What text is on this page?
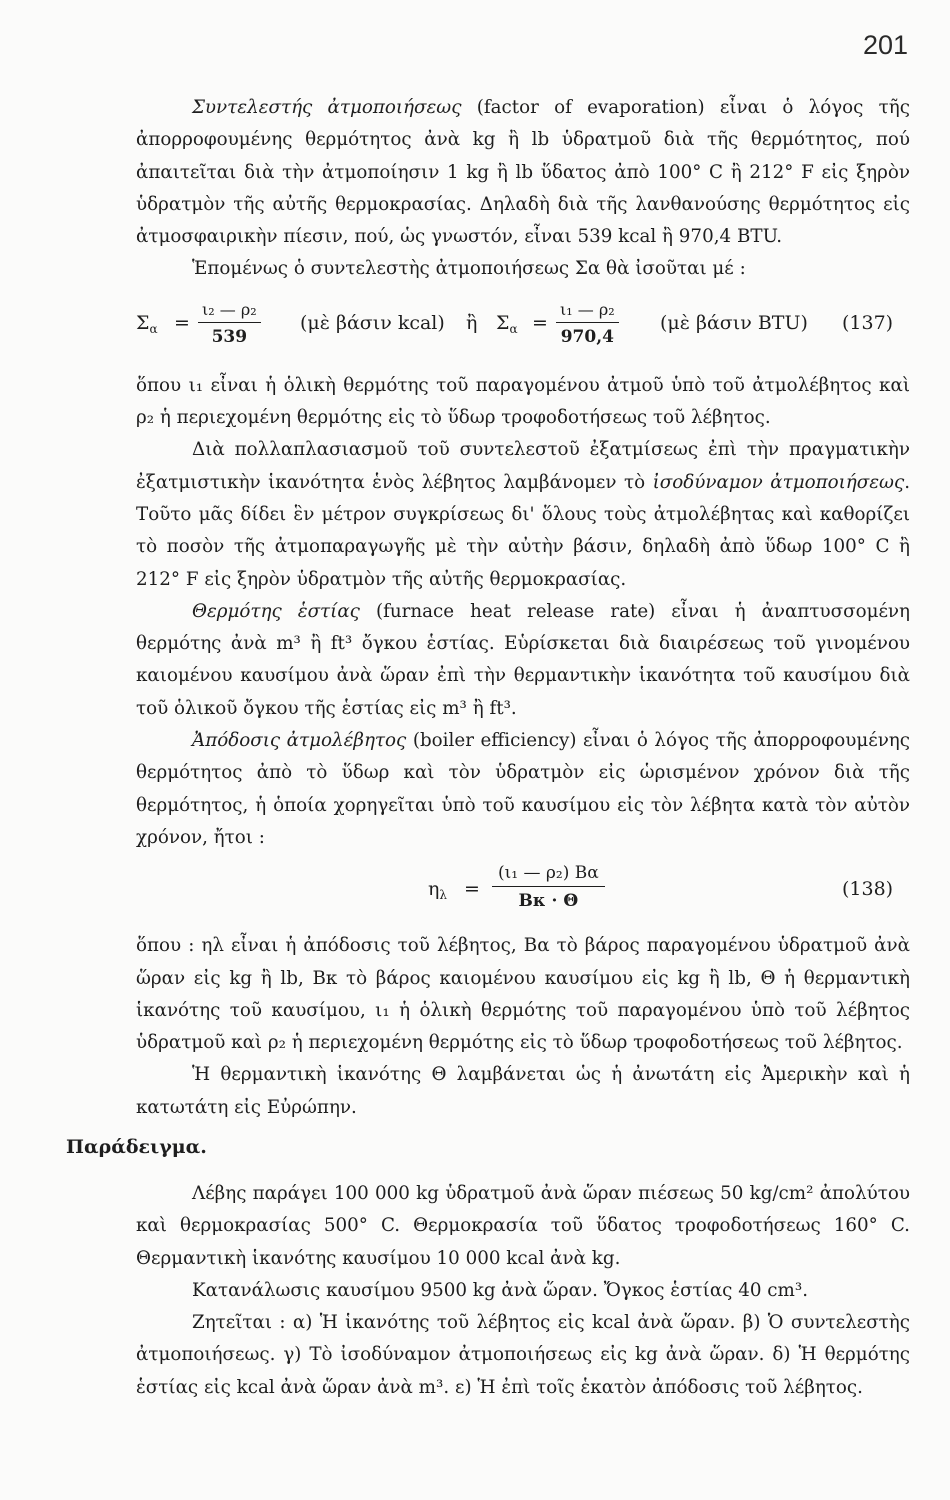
201

Συντελεστής ἀτμοποιήσεως (factor of evaporation) εἶναι ὁ λόγος τῆς ἀπορροφουμένης θερμότητος ἀνὰ kg ἢ lb ὑδρατμοῦ διὰ τῆς θερμότητος, πού ἀπαιτεῖται διὰ τὴν ἀτμοποίησιν 1 kg ἢ lb ὕδατος ἀπὸ 100° C ἢ 212° F εἰς ξηρὸν ὑδρατμὸν τῆς αὐτῆς θερμοκρασίας. Δηλαδὴ διὰ τῆς λανθανούσης θερμότητος εἰς ἀτμοσφαιρικὴν πίεσιν, πού, ὡς γνωστόν, εἶναι 539 kcal ἢ 970,4 BTU.

Ἑπομένως ὁ συντελεστὴς ἀτμοποιήσεως Σα θὰ ἰσοῦται μέ :

$\Sigma_\alpha = \frac{\text{ι₂ — ρ₂}}{539}$ (μὲ βάσιν kcal) ἢ $\Sigma_\alpha = \frac{\text{ι₁ — ρ₂}}{970,4}$ (μὲ βάσιν BTU) (137)

ὅπου ι₁ εἶναι ἡ ὁλικὴ θερμότης τοῦ παραγομένου ἀτμοῦ ὑπὸ τοῦ ἀτμολέβητος καὶ ρ₂ ἡ περιεχομένη θερμότης εἰς τὸ ὕδωρ τροφοδοτήσεως τοῦ λέβητος.

Διὰ πολλαπλασιασμοῦ τοῦ συντελεστοῦ ἐξατμίσεως ἐπὶ τὴν πραγματικὴν ἐξατμιστικὴν ἱκανότητα ἑνὸς λέβητος λαμβάνομεν τὸ ἰσοδύναμον ἀτμοποιήσεως. Τοῦτο μᾶς δίδει ἓν μέτρον συγκρίσεως δι' ὅλους τοὺς ἀτμολέβητας καὶ καθορίζει τὸ ποσὸν τῆς ἀτμοπαραγωγῆς μὲ τὴν αὐτὴν βάσιν, δηλαδὴ ἀπὸ ὕδωρ 100° C ἢ 212° F εἰς ξηρὸν ὑδρατμὸν τῆς αὐτῆς θερμοκρασίας.

Θερμότης ἑστίας (furnace heat release rate) εἶναι ἡ ἀναπτυσσομένη θερμότης ἀνὰ m³ ἢ ft³ ὄγκου ἑστίας. Εὑρίσκεται διὰ διαιρέσεως τοῦ γινομένου καιομένου καυσίμου ἀνὰ ὥραν ἐπὶ τὴν θερμαντικὴν ἱκανότητα τοῦ καυσίμου διὰ τοῦ ὁλικοῦ ὄγκου τῆς ἑστίας εἰς m³ ἢ ft³.

Ἀπόδοσις ἀτμολέβητος (boiler efficiency) εἶναι ὁ λόγος τῆς ἀπορροφουμένης θερμότητος ἀπὸ τὸ ὕδωρ καὶ τὸν ὑδρατμὸν εἰς ὡρισμένον χρόνον διὰ τῆς θερμότητος, ἡ ὁποία χορηγεῖται ὑπὸ τοῦ καυσίμου εἰς τὸν λέβητα κατὰ τὸν αὐτὸν χρόνον, ἤτοι :

$\eta_\lambda = \frac{\text{(ι₁ — ρ₂) Bα}}{B\kappa \cdot \Theta}$	(138)

ὅπου : ηλ εἶναι ἡ ἀπόδοσις τοῦ λέβητος, Bα τὸ βάρος παραγομένου ὑδρατμοῦ ἀνὰ ὥραν εἰς kg ἢ lb, Bκ τὸ βάρος καιομένου καυσίμου εἰς kg ἢ lb, Θ ἡ θερμαντικὴ ἱκανότης τοῦ καυσίμου, ι₁ ἡ ὁλικὴ θερμότης τοῦ παραγομένου ὑπὸ τοῦ λέβητος ὑδρατμοῦ καὶ ρ₂ ἡ περιεχομένη θερμότης εἰς τὸ ὕδωρ τροφοδοτήσεως τοῦ λέβητος.

Ἡ θερμαντικὴ ἱκανότης Θ λαμβάνεται ὡς ἡ ἀνωτάτη εἰς Ἀμερικὴν καὶ ἡ κατωτάτη εἰς Εὐρώπην.

Παράδειγμα.

Λέβης παράγει 100 000 kg ὑδρατμοῦ ἀνὰ ὥραν πιέσεως 50 kg/cm² ἀπολύτου καὶ θερμοκρασίας 500° C. Θερμοκρασία τοῦ ὕδατος τροφοδοτήσεως 160° C. Θερμαντικὴ ἱκανότης καυσίμου 10 000 kcal ἀνὰ kg.

Κατανάλωσις καυσίμου 9500 kg ἀνὰ ὥραν. Ὄγκος ἑστίας 40 cm³.

Ζητεῖται : α) Ἡ ἱκανότης τοῦ λέβητος εἰς kcal ἀνὰ ὥραν. β) Ὁ συντελεστὴς ἀτμοποιήσεως. γ) Τὸ ἰσοδύναμον ἀτμοποιήσεως εἰς kg ἀνὰ ὥραν. δ) Ἡ θερμότης ἑστίας εἰς kcal ἀνὰ ὥραν ἀνὰ m³. ε) Ἡ ἐπὶ τοῖς ἑκατὸν ἀπόδοσις τοῦ λέβητος.
